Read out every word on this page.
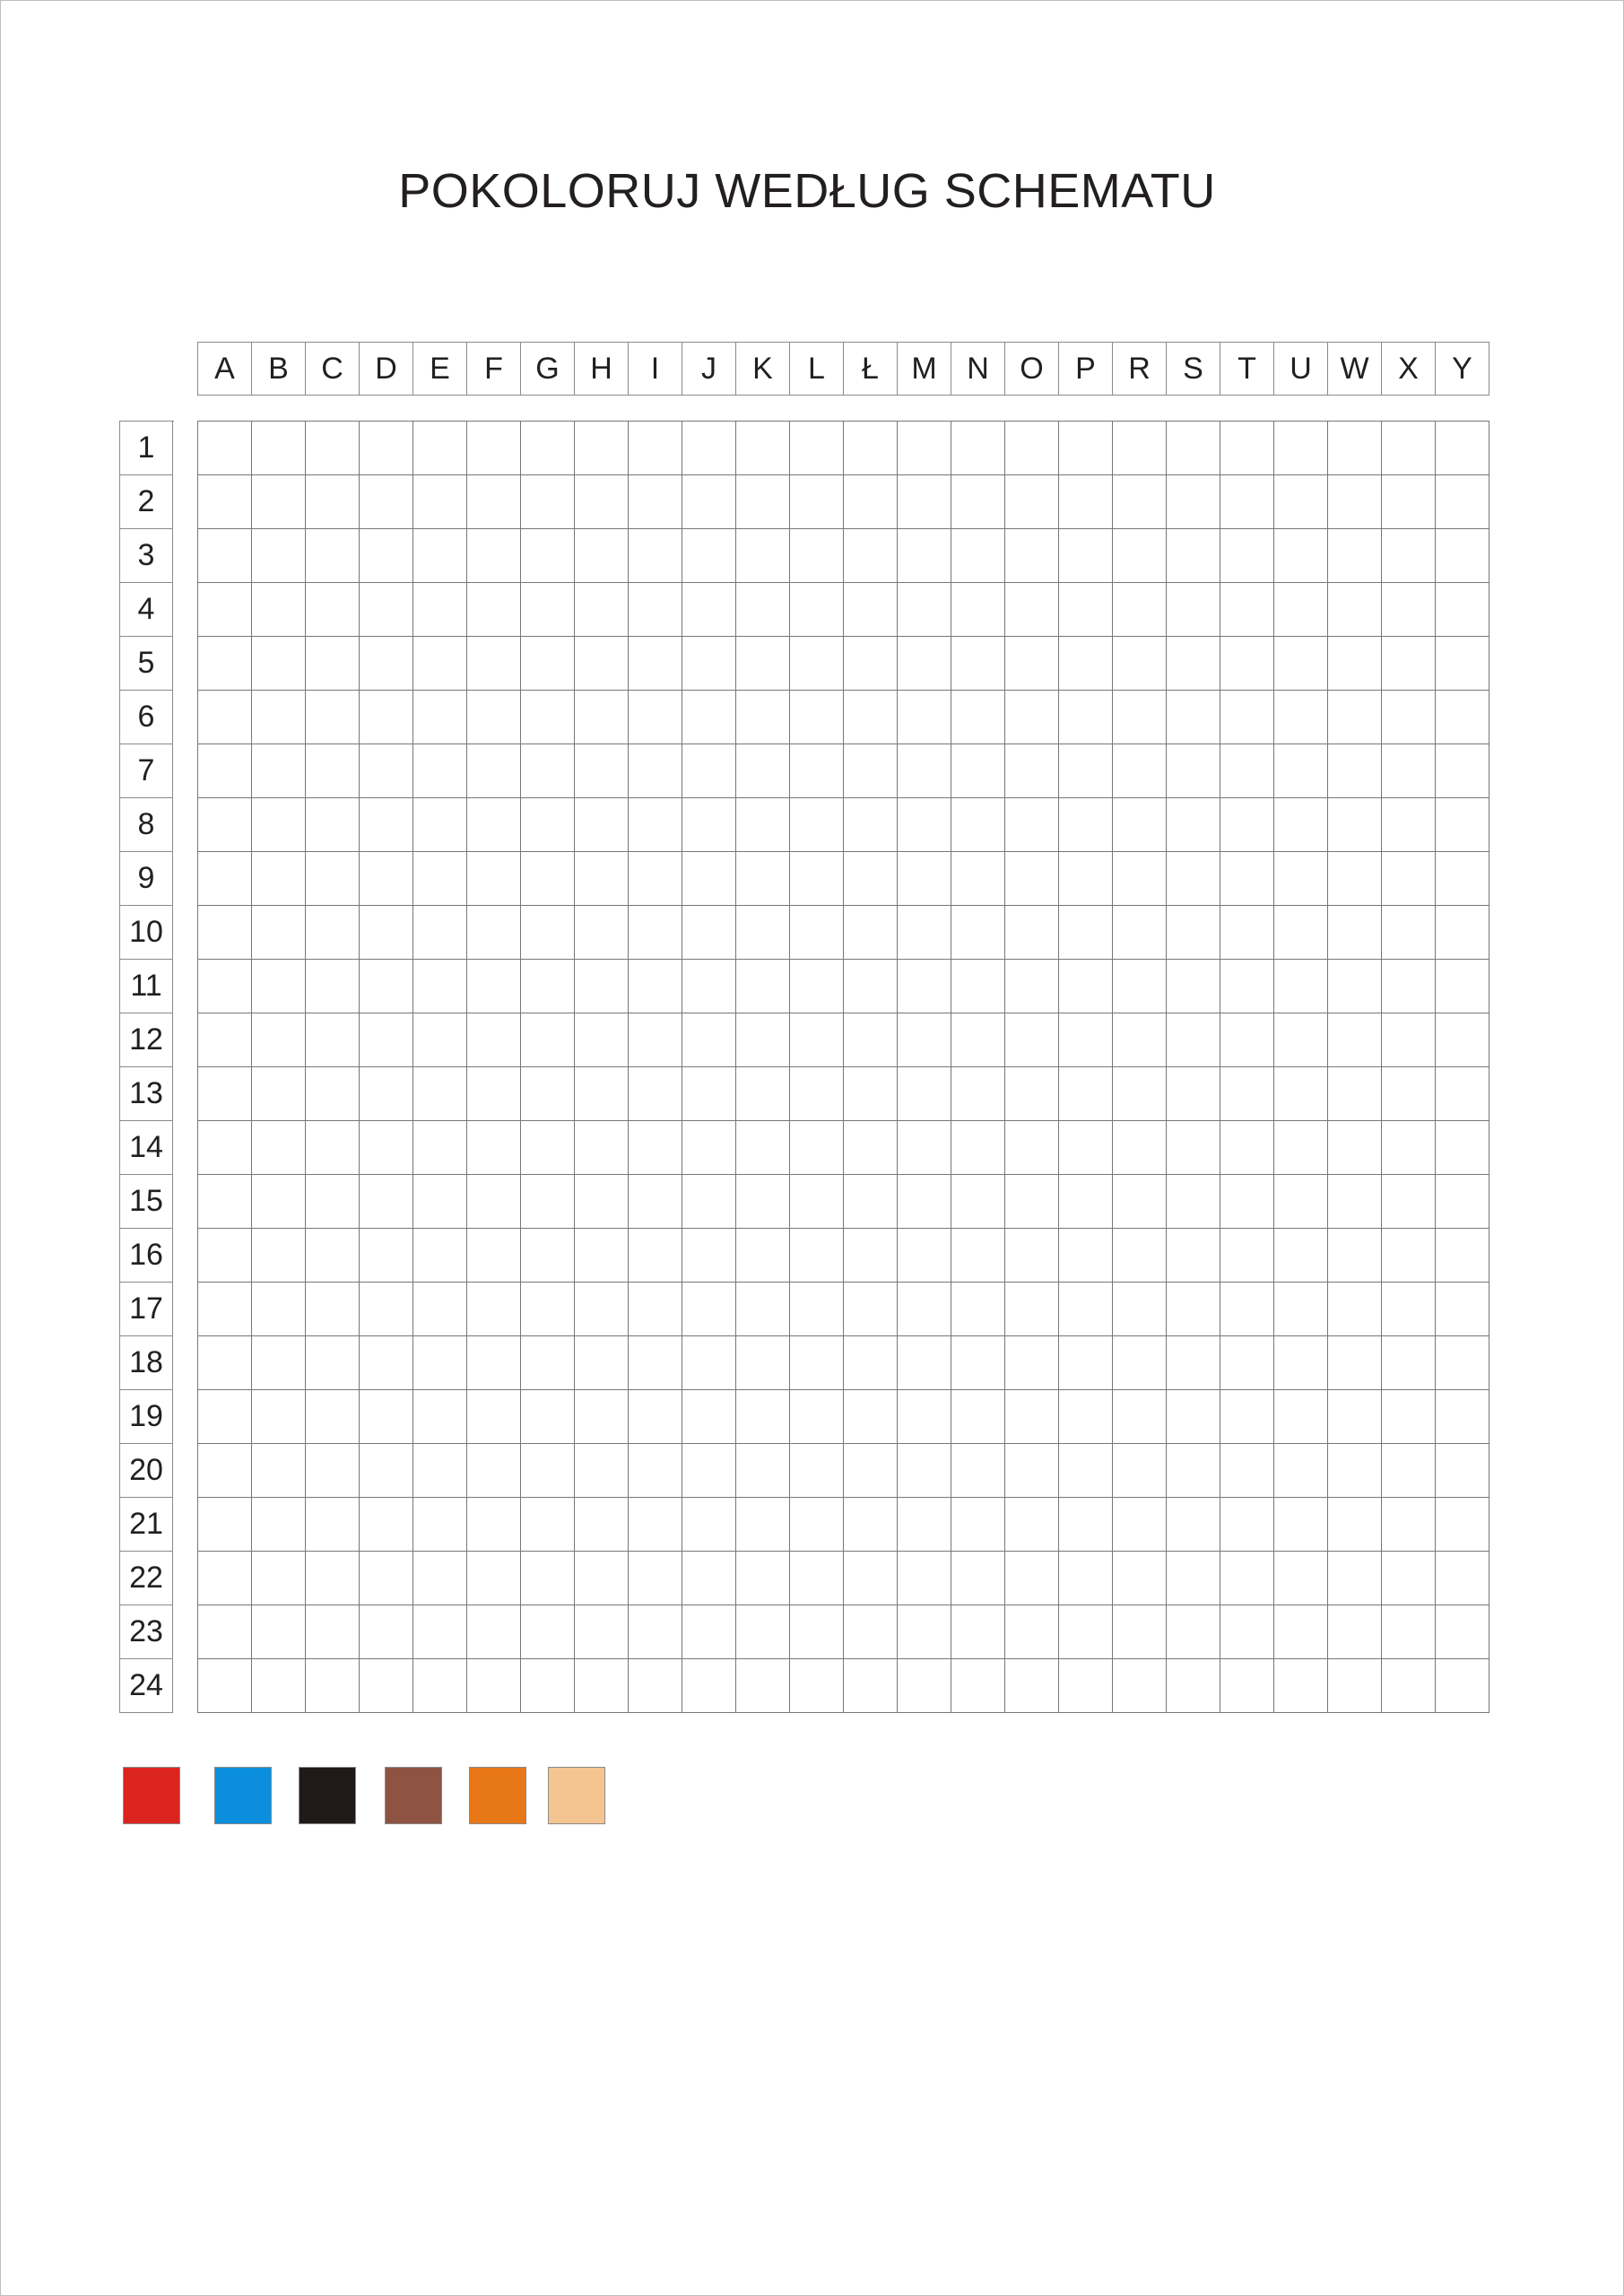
POKOLORUJ WEDŁUG SCHEMATU
A	B	C	D	E	F	G	H	I	J	K	L	Ł	M N	O	P	R	S	T	U W X	Y
1
2
3
4
5
6
7
8
9
10
11
12
13
14
15
16
17
18
19
20
21
22
23
24
